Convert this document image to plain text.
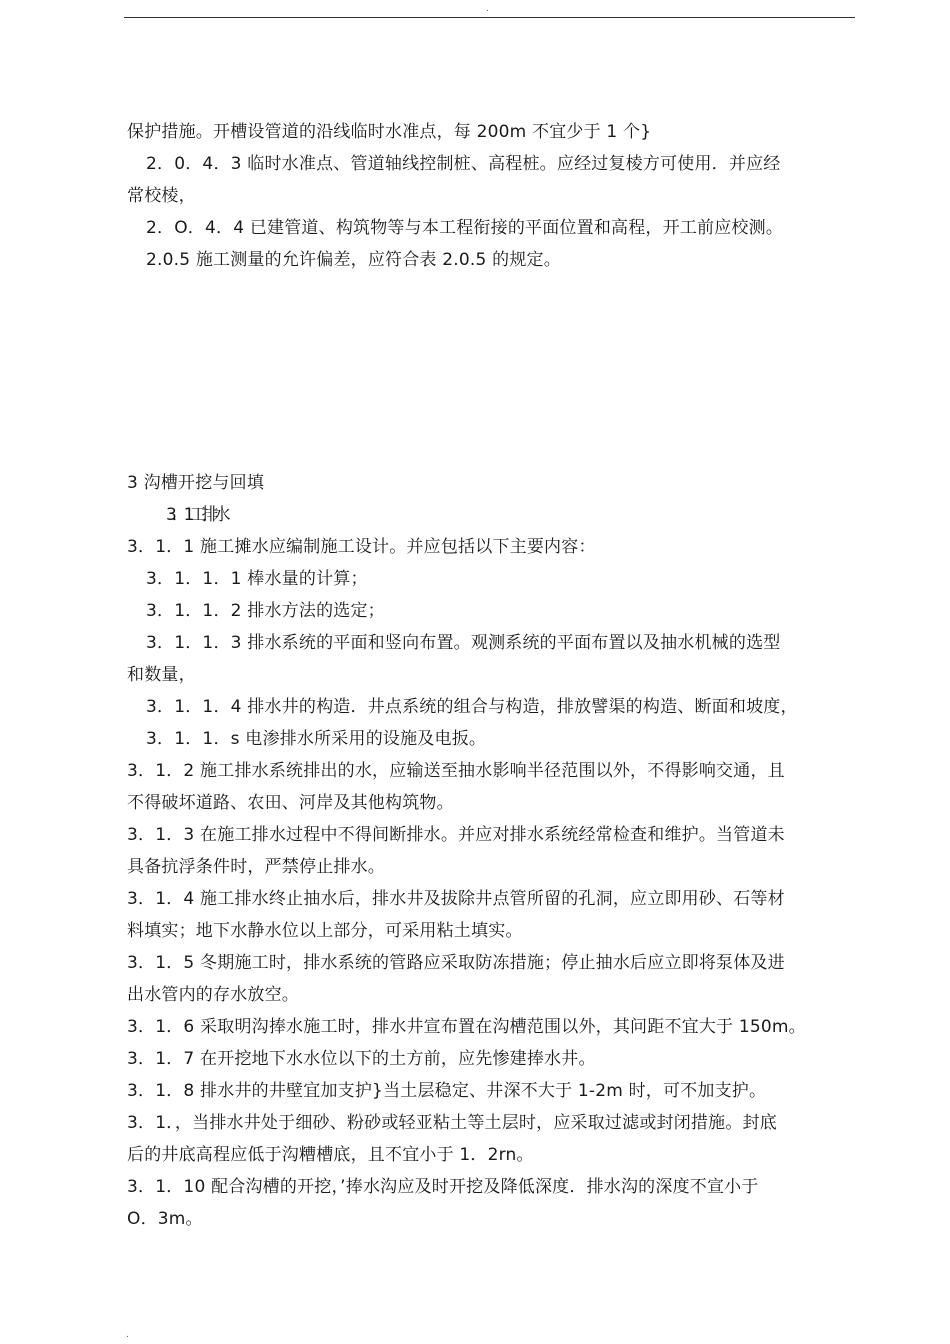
.
保护措施。开槽设管道的沿线临时水准点，每 200m 不宜少于 1 个}
2．0．4．3 临时水准点、管道轴线控制桩、高程桩。应经过复棱方可使用．并应经
常校棱，
2．O．4．4 已建管道、构筑物等与本工程衔接的平面位置和高程，开工前应校测。
2.0.5 施工测量的允许偏差，应符合表 2.0.5 的规定。
3 沟槽开挖与回填
3．1 工排水
3．1．1 施工摊水应编制施工设计。并应包括以下主要内容：
3．1．1．1 棒水量的计算；
3．1．1．2 排水方法的选定；
3．1．1．3 排水系统的平面和竖向布置。观测系统的平面布置以及抽水机械的选型
和数量，
3．1．1．4 排水井的构造．井点系统的组合与构造，排放譬渠的构造、断面和坡度，
3．1．1．s 电渗排水所采用的设施及电扳。
3．1．2 施工排水系统排出的水，应输送至抽水影响半径范围以外，不得影响交通，且
不得破坏道路、农田、河岸及其他构筑物。
3．1．3 在施工排水过程中不得间断排水。并应对排水系统经常检查和维护。当管道未
具备抗浮条件时，严禁停止排水。
3．1．4 施工排水终止抽水后，排水井及拔除井点管所留的孔洞，应立即用砂、石等材
料填实；地下水静水位以上部分，可采用粘土填实。
3．1．5 冬期施工时，排水系统的管路应采取防冻措施；停止抽水后应立即将泵体及进
出水管内的存水放空。
3．1．6 采取明沟捧水施工时，排水井宣布置在沟槽范围以外，其问距不宜大于 150m。
3．1．7 在开挖地下水水位以下的土方前，应先惨建捧水井。
3．1．8 排水井的井壁宜加支护}当土层稳定、井深不大于 1-2m 时，可不加支护。
3．1．，当排水井处于细砂、粉砂或轻亚粘土等土层时，应采取过滤或封闭措施。封底
后的井底高程应低于沟糟槽底，且不宜小于 1．2rn。
3．1．10 配合沟槽的开挖，’捧水沟应及时开挖及降低深度．排水沟的深度不宣小于
O．3m。
.
